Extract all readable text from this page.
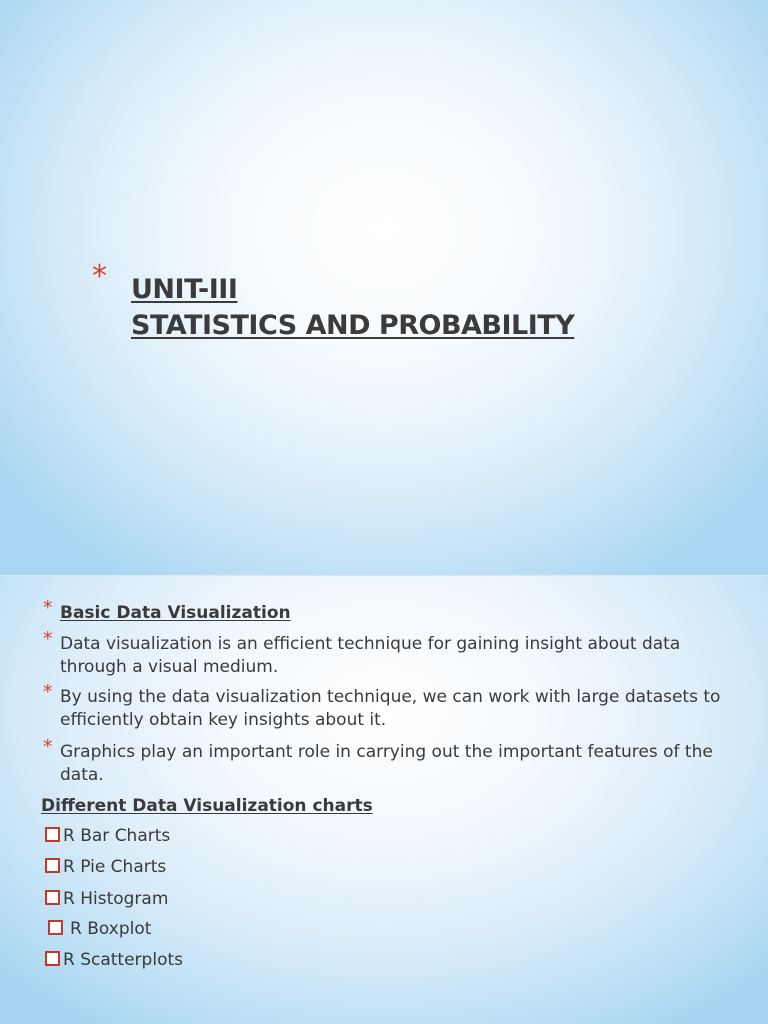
* UNIT-III
STATISTICS AND PROBABILITY
* Basic Data Visualization
* Data visualization is an efficient technique for gaining insight about data through a visual medium.
* By using the data visualization technique, we can work with large datasets to efficiently obtain key insights about it.
* Graphics play an important role in carrying out the important features of the data.
Different Data Visualization charts
R Bar Charts
R Pie Charts
R Histogram
R Boxplot
R Scatterplots
